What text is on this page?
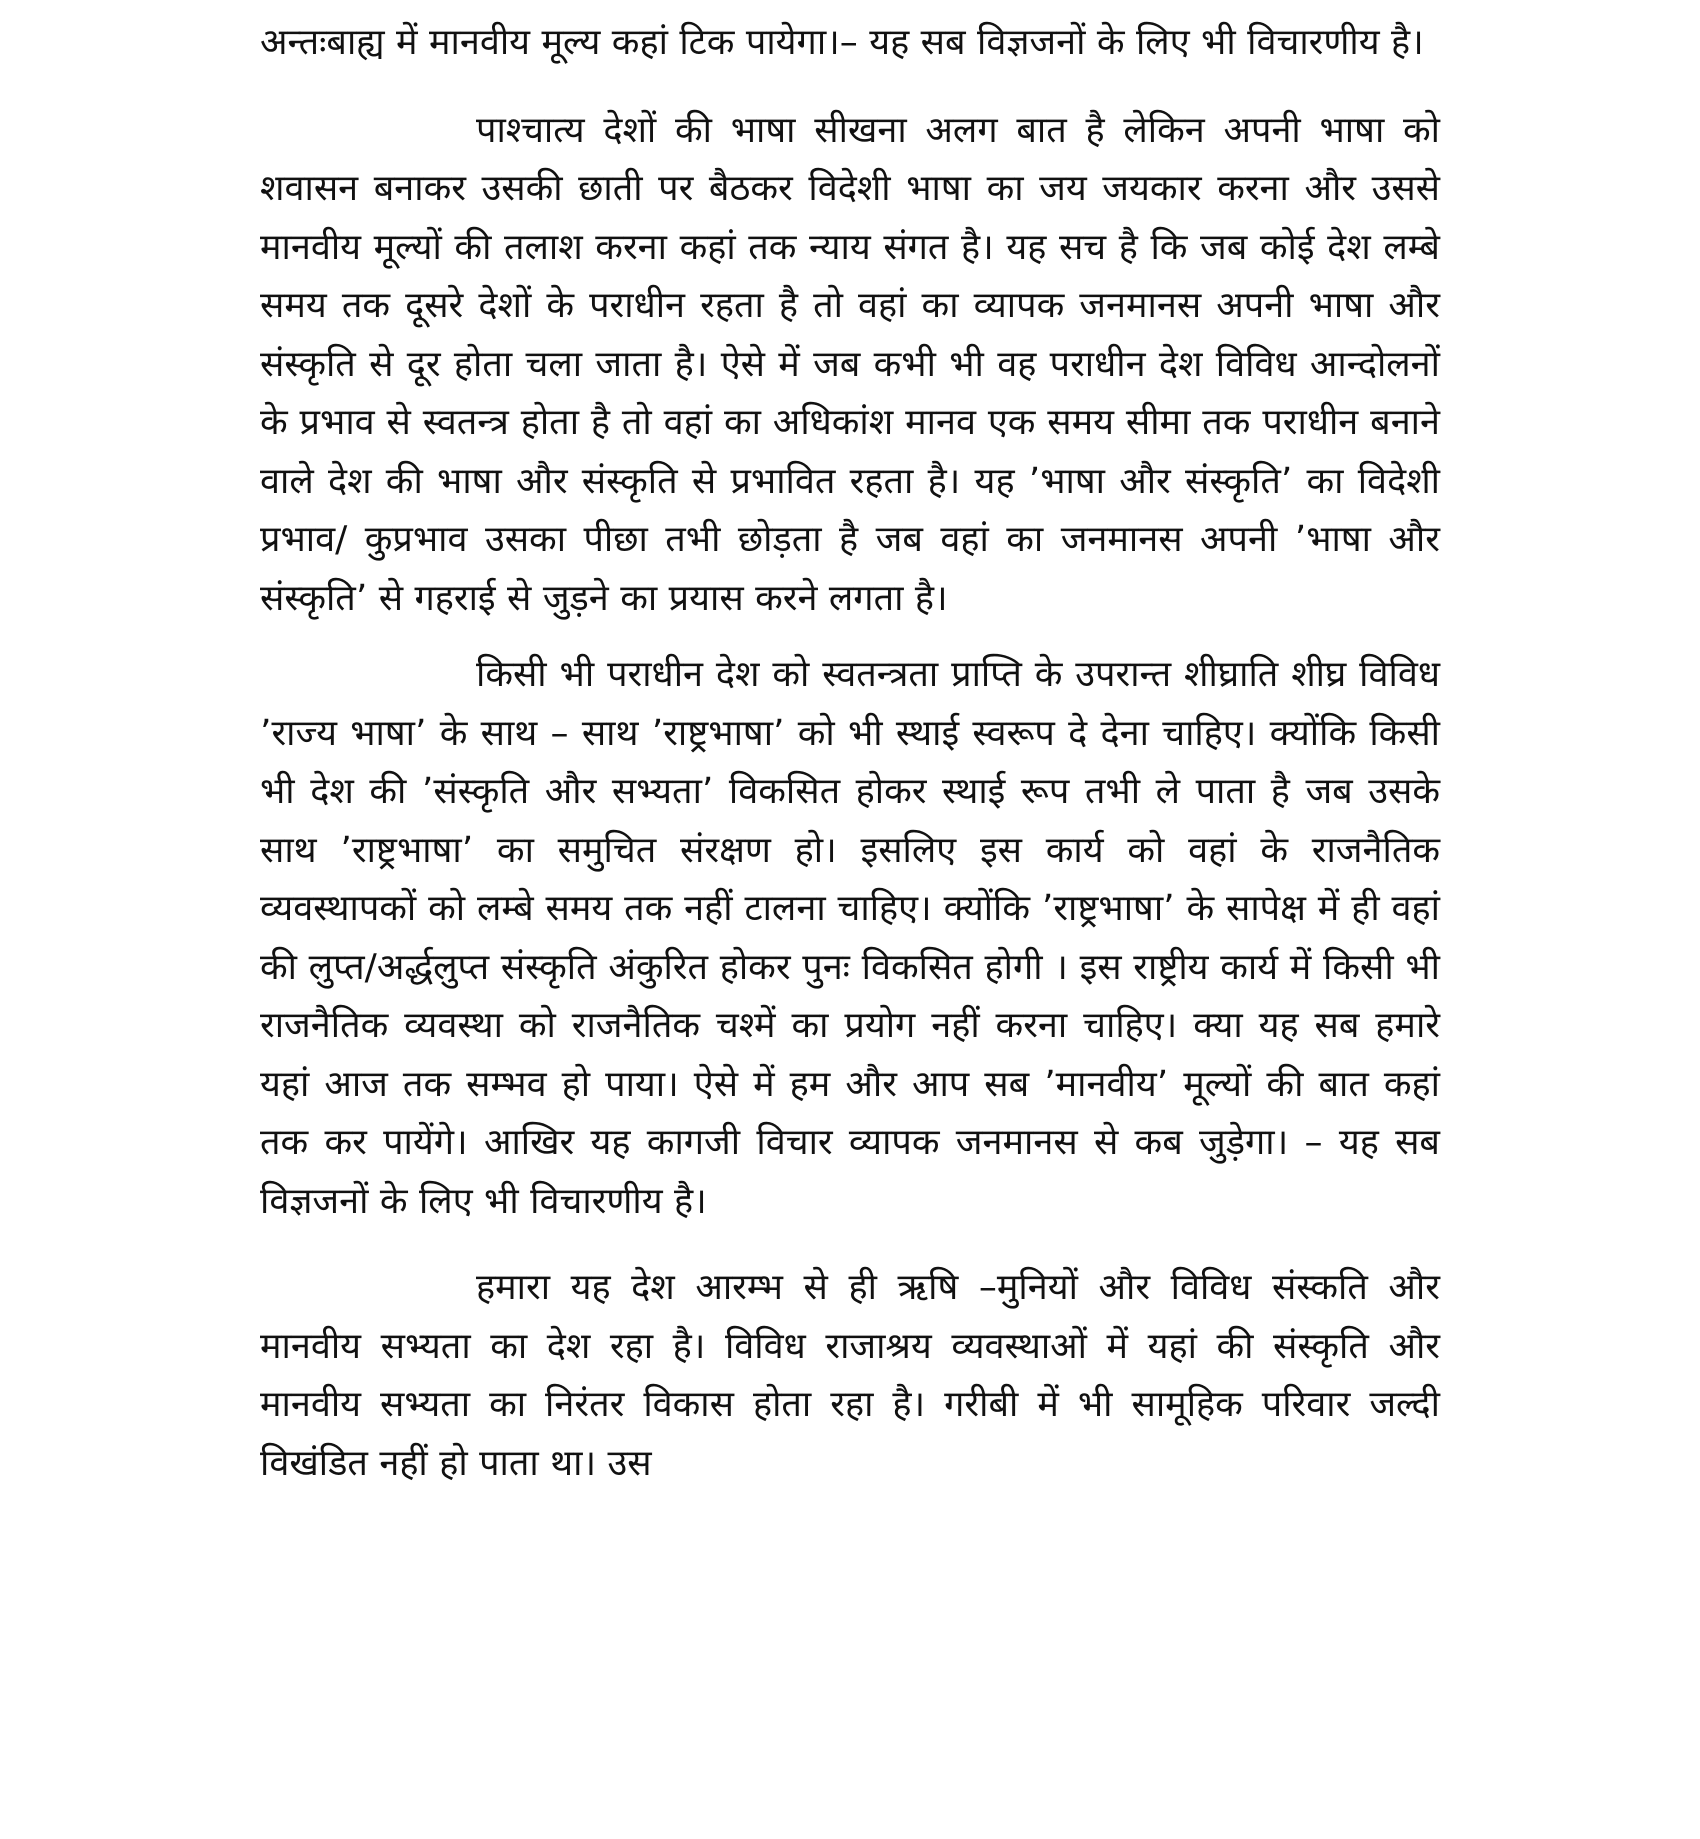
अन्तःबाह्य में मानवीय मूल्य कहां टिक पायेगा।– यह सब विज्ञजनों के लिए भी विचारणीय है।

पाश्चात्य देशों की भाषा सीखना अलग बात है लेकिन अपनी भाषा को शवासन बनाकर उसकी छाती पर बैठकर विदेशी भाषा का जय जयकार करना और उससे मानवीय मूल्यों की तलाश करना कहां तक न्याय संगत है। यह सच है कि जब कोई देश लम्बे समय तक दूसरे देशों के पराधीन रहता है तो वहां का व्यापक जनमानस अपनी भाषा और संस्कृति से दूर होता चला जाता है। ऐसे में जब कभी भी वह पराधीन देश विविध आन्दोलनों के प्रभाव से स्वतन्त्र होता है तो वहां का अधिकांश मानव एक समय सीमा तक पराधीन बनाने वाले देश की भाषा और संस्कृति से प्रभावित रहता है। यह ’भाषा और संस्कृति’ का विदेशी प्रभाव/ कुप्रभाव उसका पीछा तभी छोड़ता है जब वहां का जनमानस अपनी ’भाषा और संस्कृति’ से गहराई से जुड़ने का प्रयास करने लगता है।

किसी भी पराधीन देश को स्वतन्त्रता प्राप्ति के उपरान्त शीघ्राति शीघ्र विविध ’राज्य भाषा’ के साथ – साथ ’राष्ट्रभाषा’ को भी स्थाई स्वरूप दे देना चाहिए। क्योंकि किसी भी देश की ’संस्कृति और सभ्यता’ विकसित होकर स्थाई रूप तभी ले पाता है जब उसके साथ ’राष्ट्रभाषा’ का समुचित संरक्षण हो। इसलिए इस कार्य को वहां के राजनैतिक व्यवस्थापकों को लम्बे समय तक नहीं टालना चाहिए। क्योंकि ’राष्ट्रभाषा’ के सापेक्ष में ही वहां की लुप्त/अर्द्धलुप्त संस्कृति अंकुरित होकर पुनः विकसित होगी । इस राष्ट्रीय कार्य में किसी भी राजनैतिक व्यवस्था को राजनैतिक चश्में का प्रयोग नहीं करना चाहिए। क्या यह सब हमारे यहां आज तक सम्भव हो पाया। ऐसे में हम और आप सब ’मानवीय’ मूल्यों की बात कहां तक कर पायेंगे। आखिर यह कागजी विचार व्यापक जनमानस से कब जुड़ेगा। – यह सब विज्ञजनों के लिए भी विचारणीय है।

हमारा यह देश आरम्भ से ही ऋषि –मुनियों और विविध संस्कति और मानवीय सभ्यता का देश रहा है। विविध राजाश्रय व्यवस्थाओं में यहां की संस्कृति और मानवीय सभ्यता का निरंतर विकास होता रहा है। गरीबी में भी सामूहिक परिवार जल्दी विखंडित नहीं हो पाता था। उस
